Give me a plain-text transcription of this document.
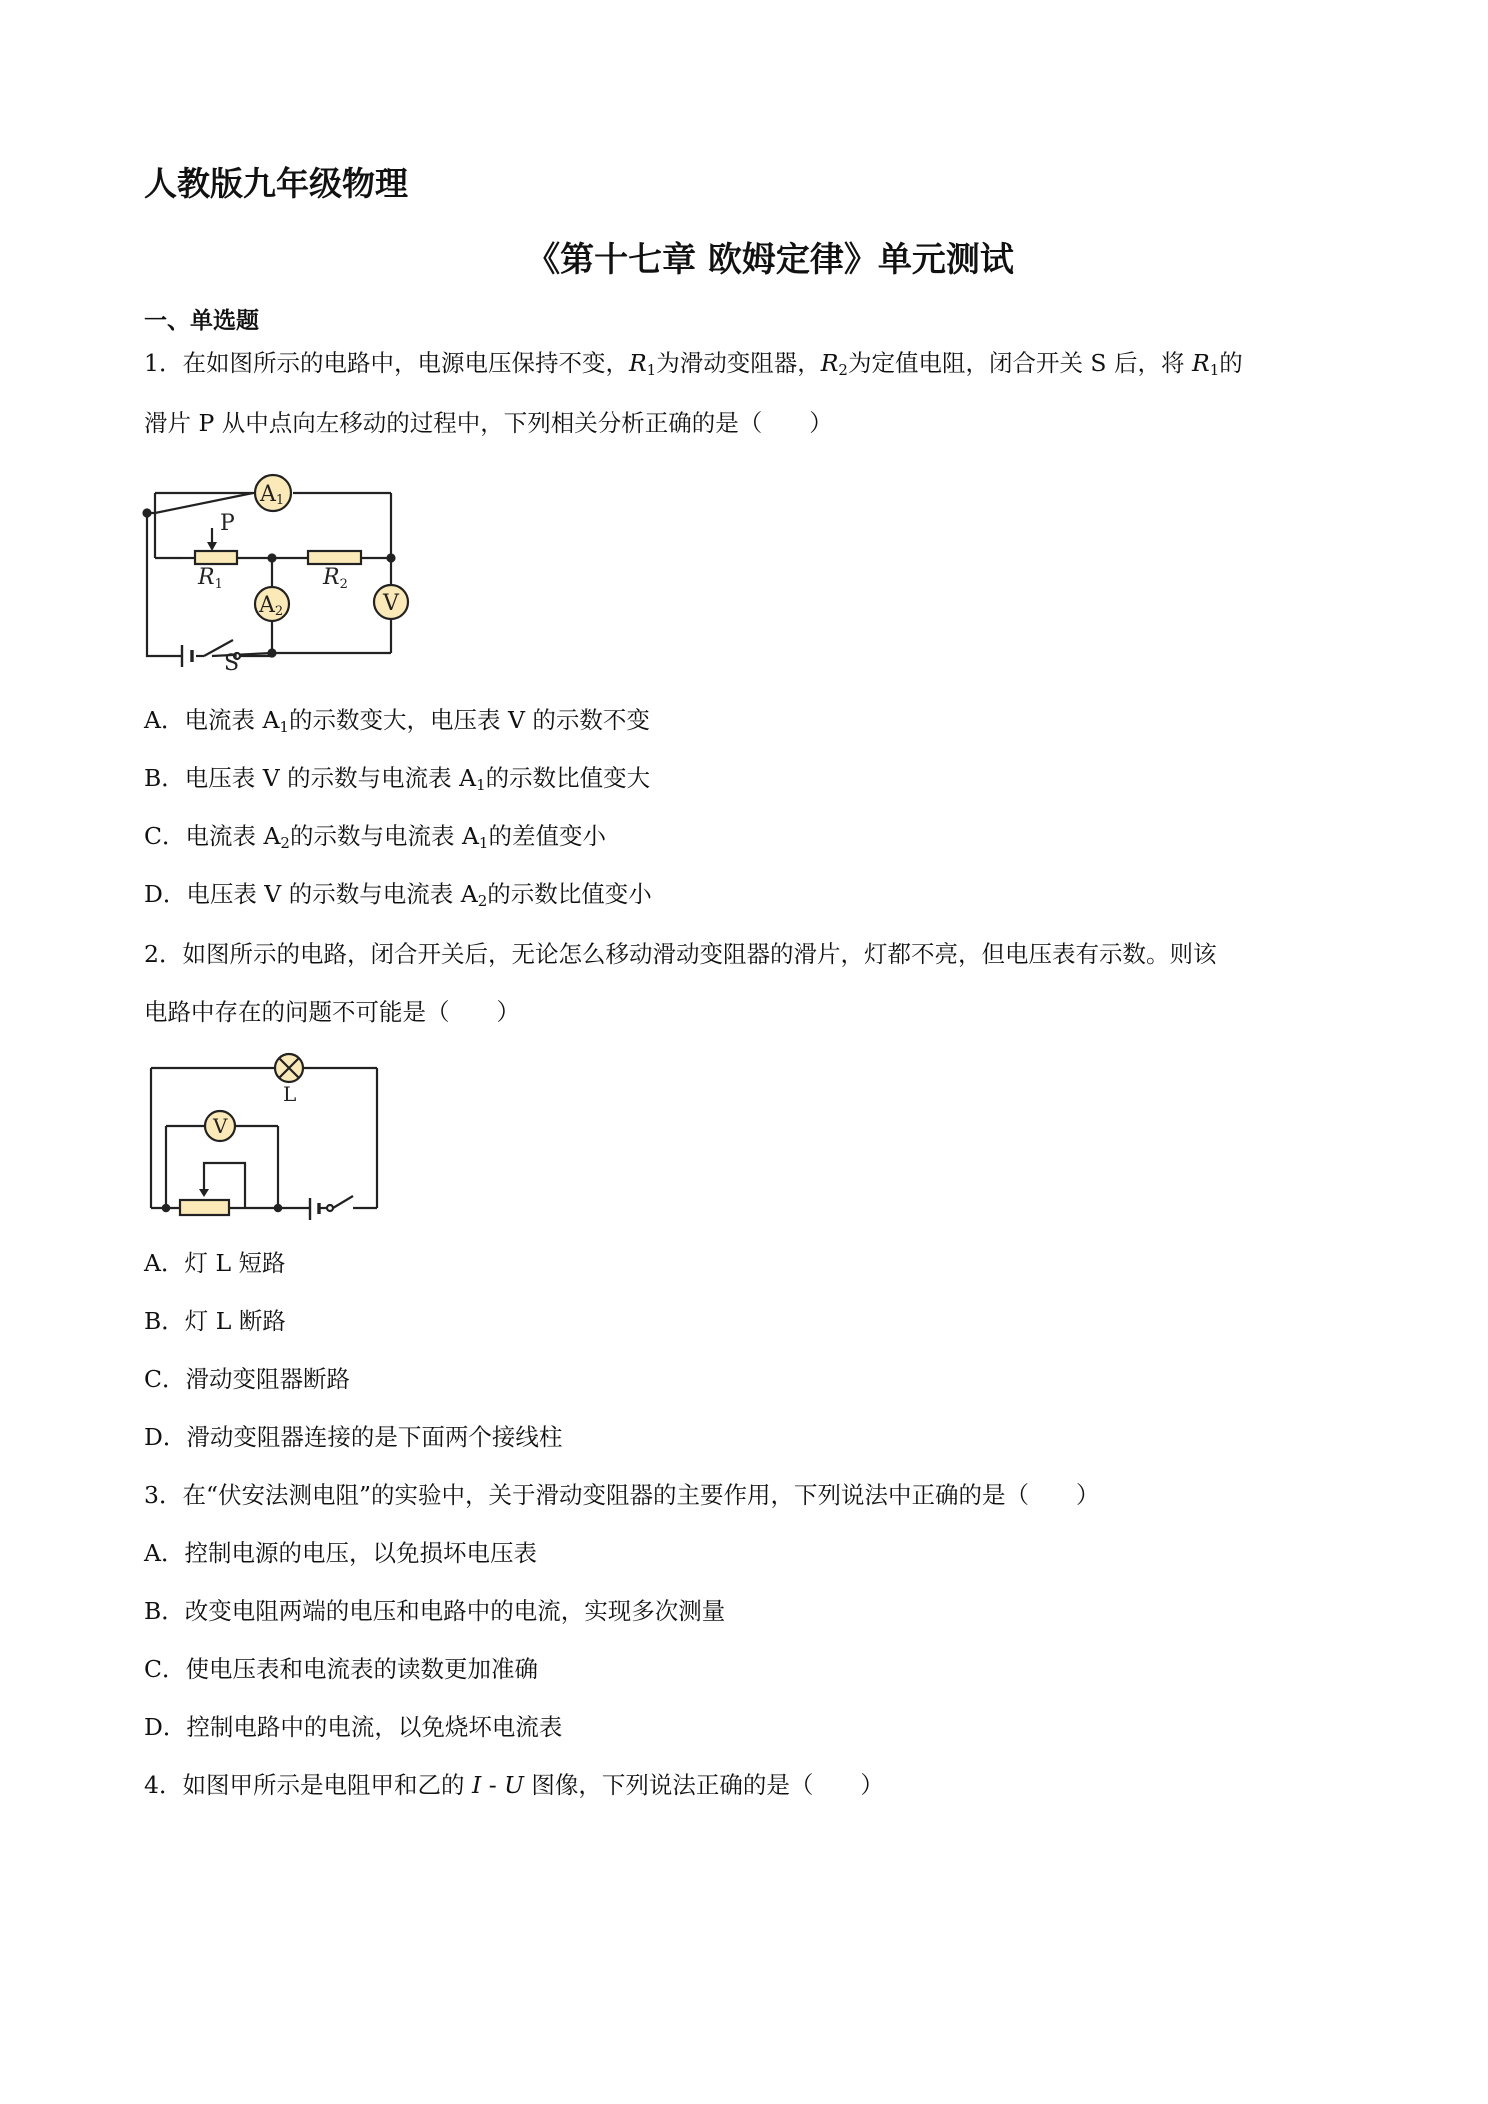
人教版九年级物理
《第十七章 欧姆定律》单元测试
一、单选题
1．在如图所示的电路中，电源电压保持不变，$R_1$为滑动变阻器，$R_2$为定值电阻，闭合开关 S 后，将 $R_1$的
滑片 P 从中点向左移动的过程中，下列相关分析正确的是（　　）
A1
A2	V
P
R1	R2
S
A．电流表 $A_1$的示数变大，电压表 V 的示数不变
B．电压表 V 的示数与电流表 $A_1$的示数比值变大
C．电流表 $A_2$的示数与电流表 $A_1$的差值变小
D．电压表 V 的示数与电流表 $A_2$的示数比值变小
2．如图所示的电路，闭合开关后，无论怎么移动滑动变阻器的滑片，灯都不亮，但电压表有示数。则该
电路中存在的问题不可能是（　　）
L
V
A．灯 L 短路
B．灯 L 断路
C．滑动变阻器断路
D．滑动变阻器连接的是下面两个接线柱
3．在“伏安法测电阻”的实验中，关于滑动变阻器的主要作用，下列说法中正确的是（　　）
A．控制电源的电压，以免损坏电压表
B．改变电阻两端的电压和电路中的电流，实现多次测量
C．使电压表和电流表的读数更加准确
D．控制电路中的电流，以免烧坏电流表
4．如图甲所示是电阻甲和乙的 I - U 图像，下列说法正确的是（　　）
